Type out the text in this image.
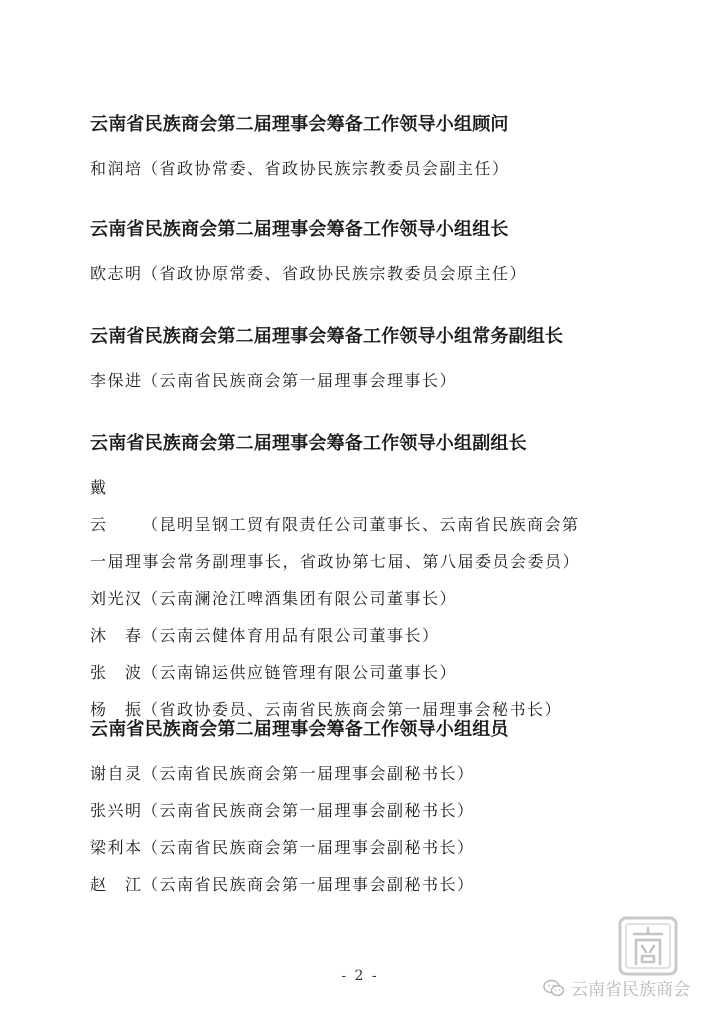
云南省民族商会第二届理事会筹备工作领导小组顾问
和润培 （ 省政协常委、省政协民族宗教委员会副主任 ）
云南省民族商会第二届理事会筹备工作领导小组组长
欧志明 （ 省政协原常委、省政协民族宗教委员会原主任 ）
云南省民族商会第二届理事会筹备工作领导小组常务副组长
李保进 （ 云南省民族商会第一届理事会理事长 ）
云南省民族商会第二届理事会筹备工作领导小组副组长
戴　云	（ 昆明呈钢工贸有限责任公司董事长、云南省民族商会第
一届理事会常务副理事长，省政协第七届、第八届委员会委员 ）
刘光汉 （ 云南澜沧江啤酒集团有限公司董事长 ）
沐　春 （ 云南云健体育用品有限公司董事长 ）
张　波 （ 云南锦运供应链管理有限公司董事长 ）
杨　振 （ 省政协委员、云南省民族商会第一届理事会秘书长 ）
云南省民族商会第二届理事会筹备工作领导小组组员
谢自灵 （ 云南省民族商会第一届理事会副秘书长 ）
张兴明 （ 云南省民族商会第一届理事会副秘书长 ）
梁利本 （ 云南省民族商会第一届理事会副秘书长 ）
赵　江 （ 云南省民族商会第一届理事会副秘书长 ）
- 2 -
云南省民族商会
